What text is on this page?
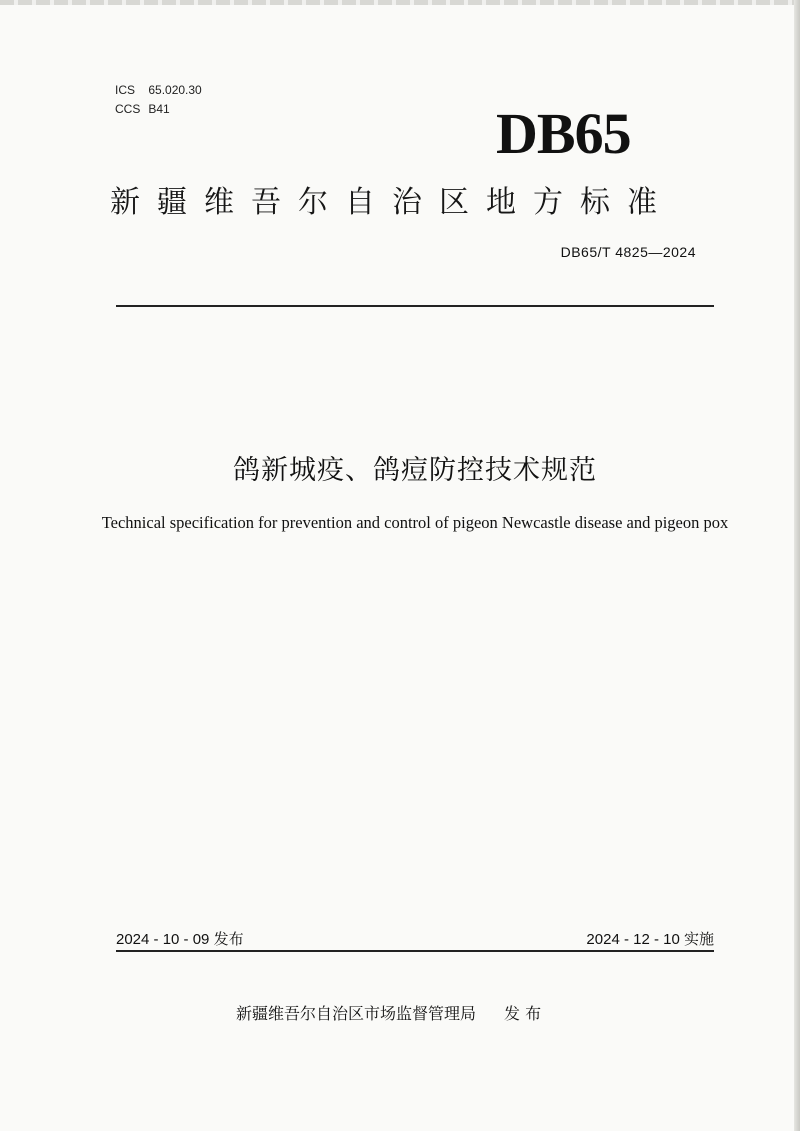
ICS 65.020.30
CCS B41	DB65
新疆维吾尔自治区地方标准
DB65/T 4825—2024
鸽新城疫、鸽痘防控技术规范
Technical specification for prevention and control of pigeon Newcastle disease and pigeon pox
2024 - 10 - 09 发布	2024 - 12 - 10 实施
新疆维吾尔自治区市场监督管理局 发 布
